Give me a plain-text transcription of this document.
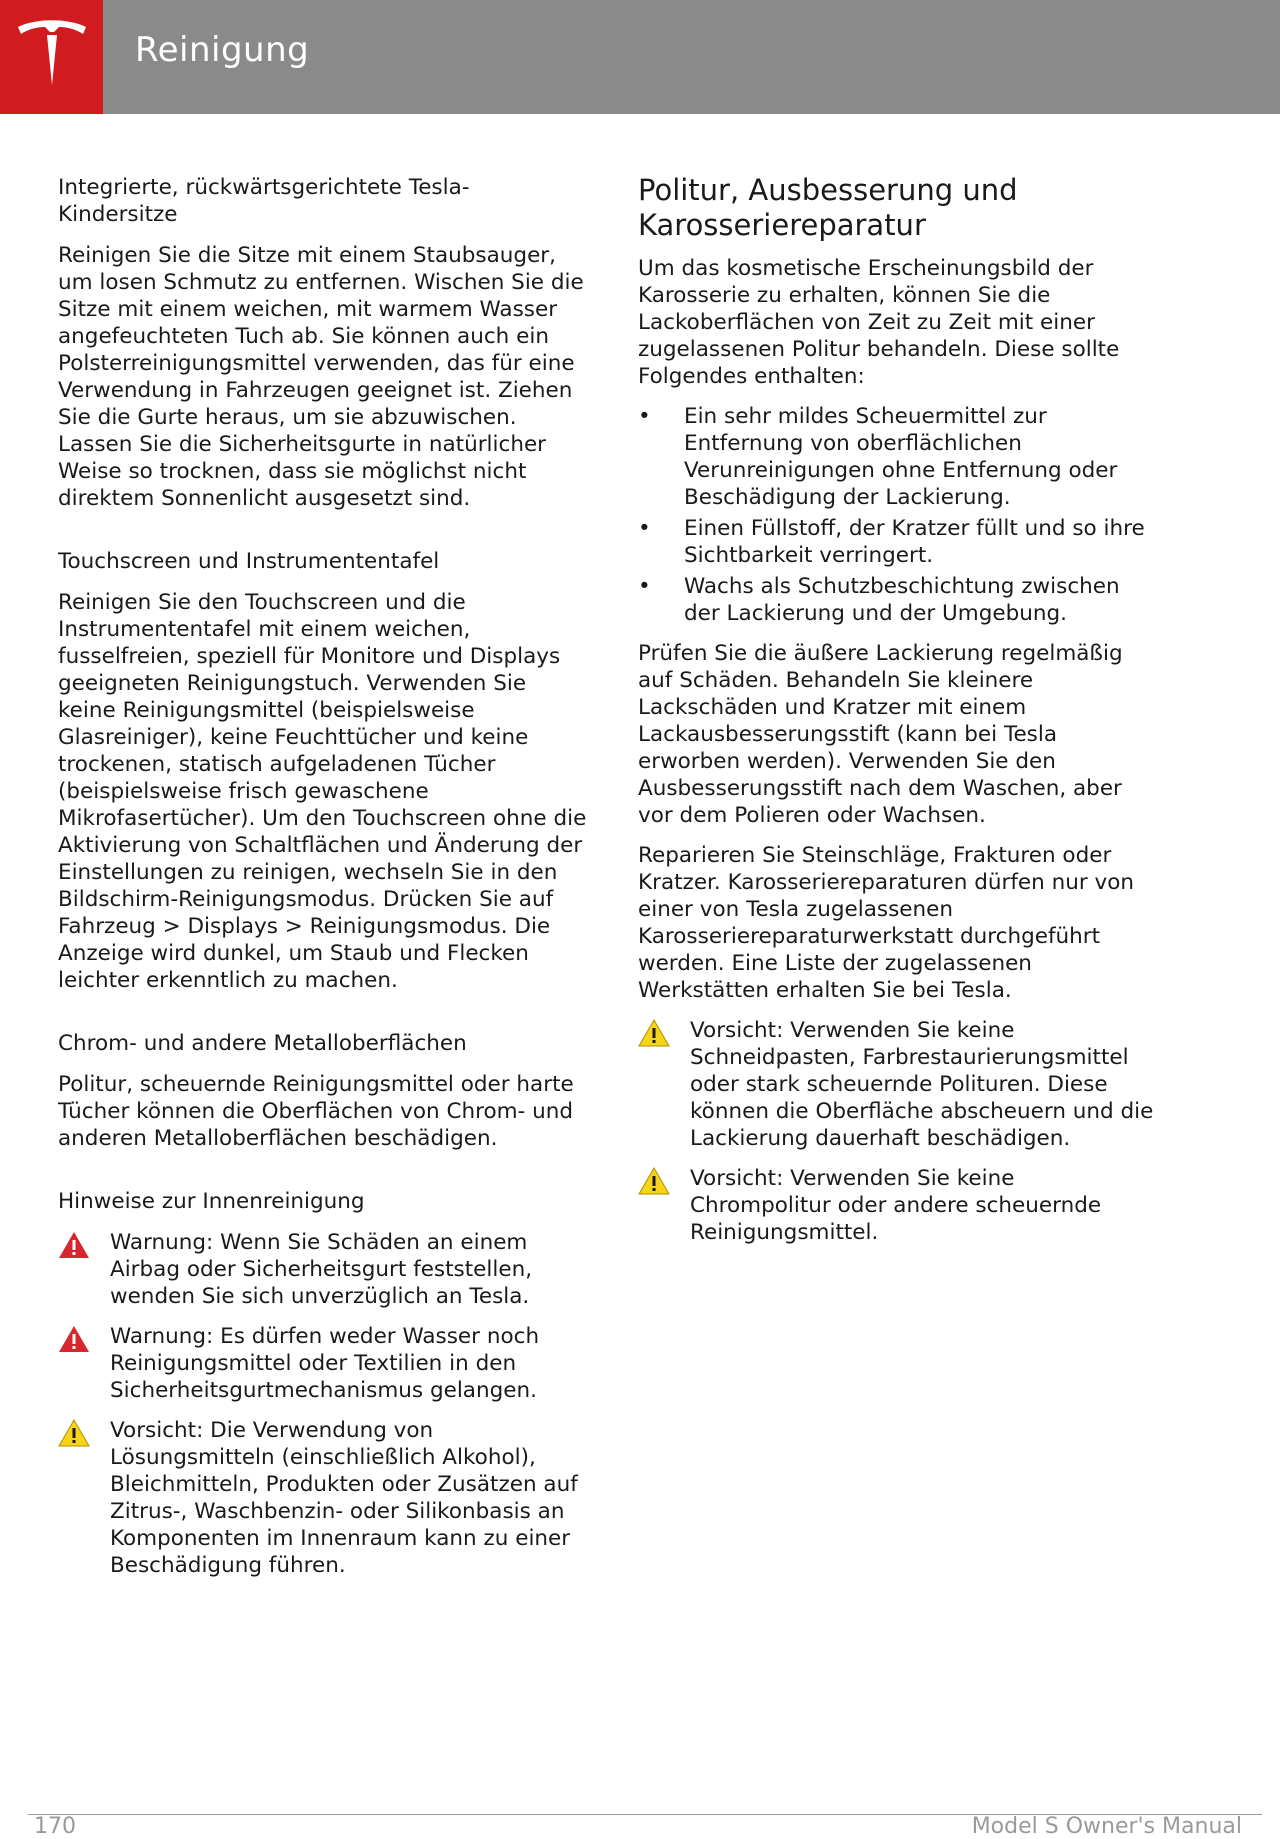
Reinigung
Integrierte, rückwärtsgerichtete Tesla-Kindersitze

Reinigen Sie die Sitze mit einem Staubsauger, um losen Schmutz zu entfernen. Wischen Sie die Sitze mit einem weichen, mit warmem Wasser angefeuchteten Tuch ab. Sie können auch ein Polsterreinigungsmittel verwenden, das für eine Verwendung in Fahrzeugen geeignet ist. Ziehen Sie die Gurte heraus, um sie abzuwischen. Lassen Sie die Sicherheitsgurte in natürlicher Weise so trocknen, dass sie möglichst nicht direktem Sonnenlicht ausgesetzt sind.

Touchscreen und Instrumententafel

Reinigen Sie den Touchscreen und die Instrumententafel mit einem weichen, fusselfreien, speziell für Monitore und Displays geeigneten Reinigungstuch. Verwenden Sie keine Reinigungsmittel (beispielsweise Glasreiniger), keine Feuchttücher und keine trockenen, statisch aufgeladenen Tücher (beispielsweise frisch gewaschene Mikrofasertücher). Um den Touchscreen ohne die Aktivierung von Schaltflächen und Änderung der Einstellungen zu reinigen, wechseln Sie in den Bildschirm-Reinigungsmodus. Drücken Sie auf Fahrzeug > Displays > Reinigungsmodus. Die Anzeige wird dunkel, um Staub und Flecken leichter erkenntlich zu machen.

Chrom- und andere Metalloberflächen

Politur, scheuernde Reinigungsmittel oder harte Tücher können die Oberflächen von Chrom- und anderen Metalloberflächen beschädigen.

Hinweise zur Innenreinigung
Warnung: Wenn Sie Schäden an einem Airbag oder Sicherheitsgurt feststellen, wenden Sie sich unverzüglich an Tesla.
Warnung: Es dürfen weder Wasser noch Reinigungsmittel oder Textilien in den Sicherheitsgurtmechanismus gelangen.
Vorsicht: Die Verwendung von Lösungsmitteln (einschließlich Alkohol), Bleichmitteln, Produkten oder Zusätzen auf Zitrus-, Waschbenzin- oder Silikonbasis an Komponenten im Innenraum kann zu einer Beschädigung führen.
Politur, Ausbesserung und Karosseriereparatur

Um das kosmetische Erscheinungsbild der Karosserie zu erhalten, können Sie die Lackoberflächen von Zeit zu Zeit mit einer zugelassenen Politur behandeln. Diese sollte Folgendes enthalten:

• Ein sehr mildes Scheuermittel zur Entfernung von oberflächlichen Verunreinigungen ohne Entfernung oder Beschädigung der Lackierung.
• Einen Füllstoff, der Kratzer füllt und so ihre Sichtbarkeit verringert.
• Wachs als Schutzbeschichtung zwischen der Lackierung und der Umgebung.

Prüfen Sie die äußere Lackierung regelmäßig auf Schäden. Behandeln Sie kleinere Lackschäden und Kratzer mit einem Lackausbesserungsstift (kann bei Tesla erworben werden). Verwenden Sie den Ausbesserungsstift nach dem Waschen, aber vor dem Polieren oder Wachsen.

Reparieren Sie Steinschläge, Frakturen oder Kratzer. Karosseriereparaturen dürfen nur von einer von Tesla zugelassenen Karosseriereparaturwerkstatt durchgeführt werden. Eine Liste der zugelassenen Werkstätten erhalten Sie bei Tesla.

Vorsicht: Verwenden Sie keine Schneidpasten, Farbrestaurierungsmittel oder stark scheuernde Polituren. Diese können die Oberfläche abscheuern und die Lackierung dauerhaft beschädigen.
Vorsicht: Verwenden Sie keine Chrompolitur oder andere scheuernde Reinigungsmittel.
170	Model S Owner's Manual
